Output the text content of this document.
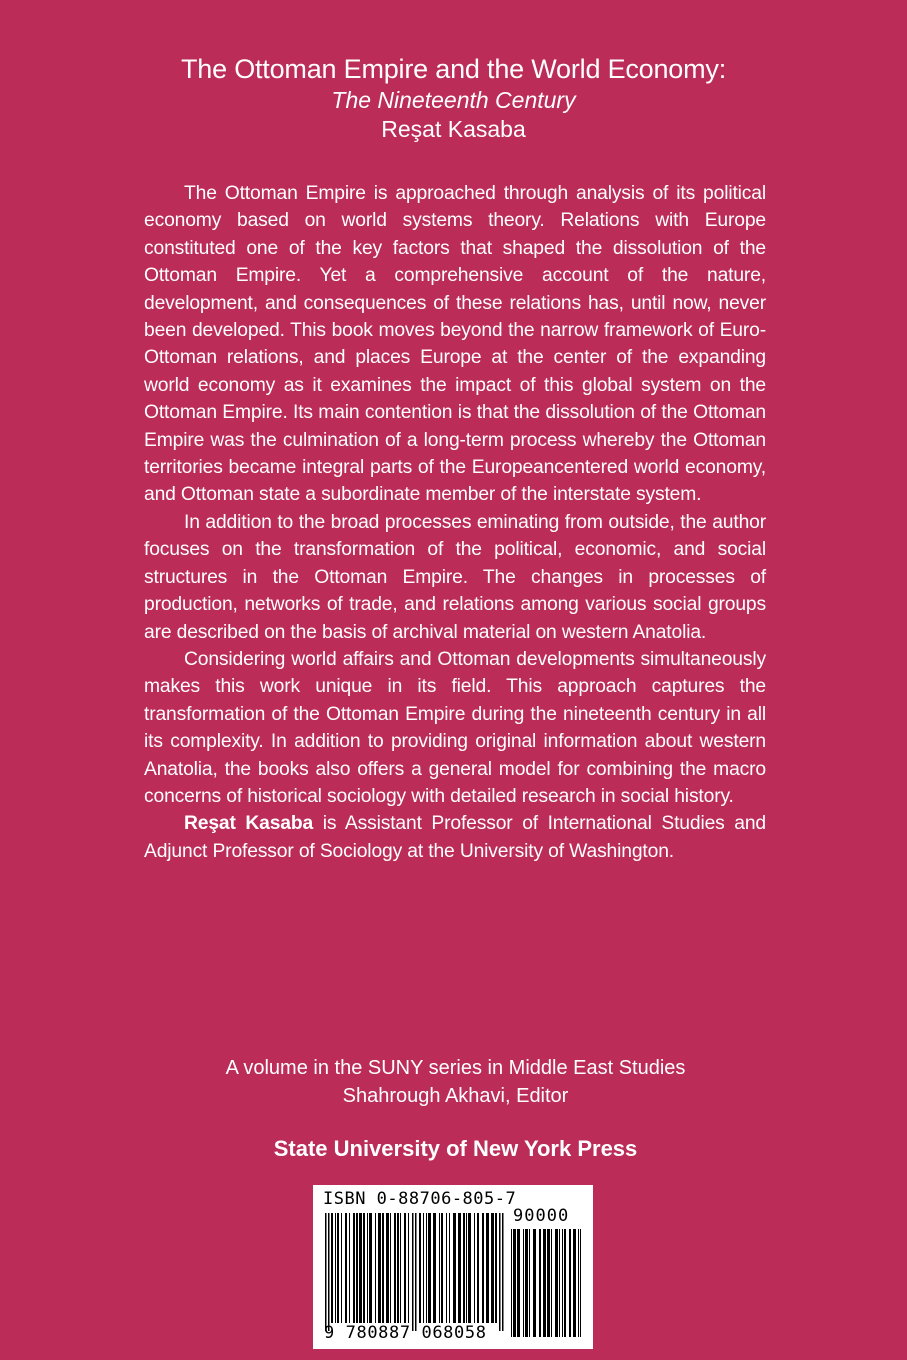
The Ottoman Empire and the World Economy:
The Nineteenth Century
Reşat Kasaba

The Ottoman Empire is approached through analysis of its political economy based on world systems theory. Relations with Europe constituted one of the key factors that shaped the dissolution of the Ottoman Empire. Yet a comprehensive account of the nature, development, and consequences of these relations has, until now, never been developed. This book moves beyond the narrow framework of Euro-Ottoman relations, and places Europe at the center of the expanding world economy as it examines the impact of this global system on the Ottoman Empire. Its main contention is that the dissolution of the Ottoman Empire was the culmination of a long-term process whereby the Ottoman territories became integral parts of the Europeancentered world economy, and Ottoman state a subordinate member of the interstate system.

In addition to the broad processes eminating from outside, the author focuses on the transformation of the political, economic, and social structures in the Ottoman Empire. The changes in processes of production, networks of trade, and relations among various social groups are described on the basis of archival material on western Anatolia.

Considering world affairs and Ottoman developments simultaneously makes this work unique in its field. This approach captures the transformation of the Ottoman Empire during the nineteenth century in all its complexity. In addition to providing original information about western Anatolia, the books also offers a general model for combining the macro concerns of historical sociology with detailed research in social history.

Reşat Kasaba is Assistant Professor of International Studies and Adjunct Professor of Sociology at the University of Washington.

A volume in the SUNY series in Middle East Studies
Shahrough Akhavi, Editor
State University of New York Press
ISBN 0-88706-805-7
90000
9 780887 068058
